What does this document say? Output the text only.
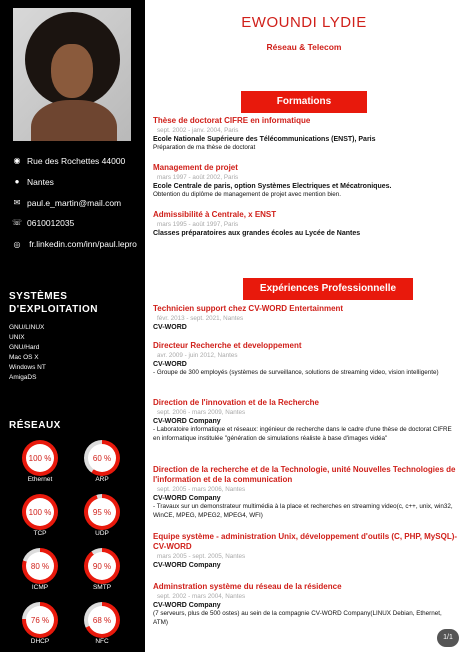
◉ Rue des Rochettes 44000
● Nantes
✉ paul.e_martin@mail.com
☏ 0610012035
◎ fr.linkedin.com/inn/paul.lepro
SYSTÈMES D'EXPLOITATION
GNU/LINUX
UNIX
GNU/Hard
Mac OS X
Windows NT
AmigaDS
RÉSEAUX
100 %
Ethernet
60 %
ARP
100 %
TCP
95 %
UDP
80 %
ICMP
90 %
SMTP
76 %
DHCP
68 %
NFC
EWOUNDI LYDIE
Réseau & Telecom
Formations
Thèse de doctorat CIFRE en informatique
sept. 2002 - janv. 2004, Paris
Ecole Nationale Supérieure des Télécommunications (ENST), Paris
Préparation de ma thèse de doctorat
Management de projet
mars 1997 - août 2002, Paris
Ecole Centrale de paris, option Systèmes Electriques et Mécatroniques.
Obtention du diplôme de management de projet avec mention bien.
Admissibilité à Centrale, x ENST
mars 1995 - août 1997, Paris
Classes préparatoires aux grandes écoles au Lycée de Nantes
Expériences Professionnelle
Technicien support chez CV-WORD Entertainment
févr. 2013 - sept. 2021, Nantes
CV-WORD
Directeur Recherche et developpement
avr. 2009 - juin 2012, Nantes
CV-WORD
- Groupe de 300 employés (systèmes de surveillance, solutions de streaming video, vision intelligente)
Direction de l'innovation et de la Recherche
sept. 2006 - mars 2009, Nantes
CV-WORD Company
- Laboratoire informatique et réseaux: ingénieur de recherche dans le cadre d'une thèse de doctorat CIFRE en informatique institulée "génération de simulations réaliste à base d'images vidéa"
Direction de la recherche et de la Technologie, unité Nouvelles Technologies de l'information et de la communication
sept. 2005 - mars 2006, Nantes
CV-WORD Company
- Travaux sur un demonstrateur multimédia à la place et recherches en streaming video(c, c++, unix, win32, WinCE, MPEG, MPEG2, MPEG4, WFI)
Equipe système - administration Unix, développement d'outils (C, PHP, MySQL)-CV-WORD
mars 2005 - sept. 2005, Nantes
CV-WORD Company
Adminstration système du réseau de la résidence
sept. 2002 - mars 2004, Nantes
CV-WORD Company
(7 serveurs, plus de 500 ostes) au sein de la compagnie CV-WORD Company(LINUX Debian, Ethernet, ATM)
1/1
